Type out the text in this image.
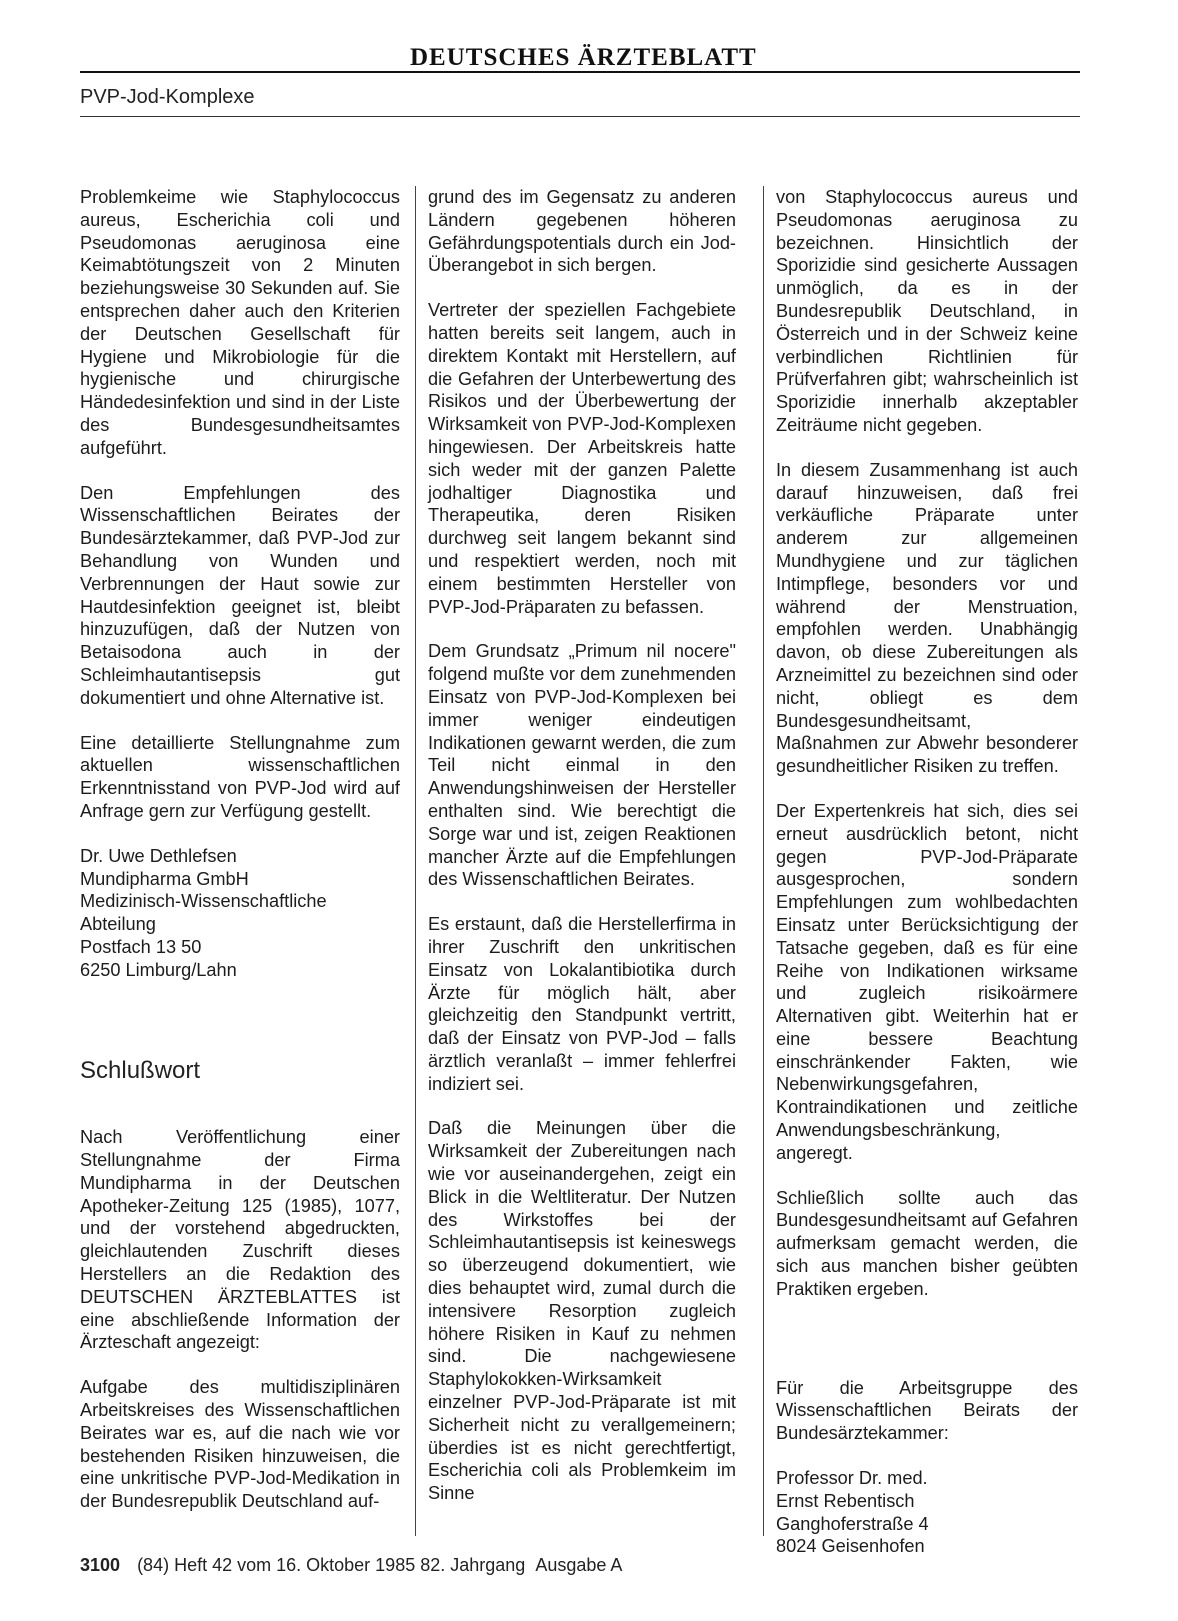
DEUTSCHES ÄRZTEBLATT
PVP-Jod-Komplexe

Problemkeime wie Staphylococcus aureus, Escherichia coli und Pseudomonas aeruginosa eine Keimabtötungszeit von 2 Minuten beziehungsweise 30 Sekunden auf. Sie entsprechen daher auch den Kriterien der Deutschen Gesellschaft für Hygiene und Mikrobiologie für die hygienische und chirurgische Händedesinfektion und sind in der Liste des Bundesgesundheitsamtes aufgeführt.

Den Empfehlungen des Wissenschaftlichen Beirates der Bundesärztekammer, daß PVP-Jod zur Behandlung von Wunden und Verbrennungen der Haut sowie zur Hautdesinfektion geeignet ist, bleibt hinzuzufügen, daß der Nutzen von Betaisodona auch in der Schleimhautantisepsis gut dokumentiert und ohne Alternative ist.

Eine detaillierte Stellungnahme zum aktuellen wissenschaftlichen Erkenntnisstand von PVP-Jod wird auf Anfrage gern zur Verfügung gestellt.

Dr. Uwe Dethlefsen
Mundipharma GmbH
Medizinisch-Wissenschaftliche
Abteilung
Postfach 13 50
6250 Limburg/Lahn
Schlußwort

Nach Veröffentlichung einer Stellungnahme der Firma Mundipharma in der Deutschen Apotheker-Zeitung 125 (1985), 1077, und der vorstehend abgedruckten, gleichlautenden Zuschrift dieses Herstellers an die Redaktion des DEUTSCHEN ÄRZTEBLATTES ist eine abschließende Information der Ärzteschaft angezeigt:

Aufgabe des multidisziplinären Arbeitskreises des Wissenschaftlichen Beirates war es, auf die nach wie vor bestehenden Risiken hinzuweisen, die eine unkritische PVP-Jod-Medikation in der Bundesrepublik Deutschland auf-

grund des im Gegensatz zu anderen Ländern gegebenen höheren Gefährdungspotentials durch ein Jod-Überangebot in sich bergen.

Vertreter der speziellen Fachgebiete hatten bereits seit langem, auch in direktem Kontakt mit Herstellern, auf die Gefahren der Unterbewertung des Risikos und der Überbewertung der Wirksamkeit von PVP-Jod-Komplexen hingewiesen. Der Arbeitskreis hatte sich weder mit der ganzen Palette jodhaltiger Diagnostika und Therapeutika, deren Risiken durchweg seit langem bekannt sind und respektiert werden, noch mit einem bestimmten Hersteller von PVP-Jod-Präparaten zu befassen.

Dem Grundsatz „Primum nil nocere" folgend mußte vor dem zunehmenden Einsatz von PVP-Jod-Komplexen bei immer weniger eindeutigen Indikationen gewarnt werden, die zum Teil nicht einmal in den Anwendungshinweisen der Hersteller enthalten sind. Wie berechtigt die Sorge war und ist, zeigen Reaktionen mancher Ärzte auf die Empfehlungen des Wissenschaftlichen Beirates.

Es erstaunt, daß die Herstellerfirma in ihrer Zuschrift den unkritischen Einsatz von Lokalantibiotika durch Ärzte für möglich hält, aber gleichzeitig den Standpunkt vertritt, daß der Einsatz von PVP-Jod – falls ärztlich veranlaßt – immer fehlerfrei indiziert sei.

Daß die Meinungen über die Wirksamkeit der Zubereitungen nach wie vor auseinandergehen, zeigt ein Blick in die Weltliteratur. Der Nutzen des Wirkstoffes bei der Schleimhautantisepsis ist keineswegs so überzeugend dokumentiert, wie dies behauptet wird, zumal durch die intensivere Resorption zugleich höhere Risiken in Kauf zu nehmen sind. Die nachgewiesene Staphylokokken-Wirksamkeit einzelner PVP-Jod-Präparate ist mit Sicherheit nicht zu verallgemeinern; überdies ist es nicht gerechtfertigt, Escherichia coli als Problemkeim im Sinne

von Staphylococcus aureus und Pseudomonas aeruginosa zu bezeichnen. Hinsichtlich der Sporizidie sind gesicherte Aussagen unmöglich, da es in der Bundesrepublik Deutschland, in Österreich und in der Schweiz keine verbindlichen Richtlinien für Prüfverfahren gibt; wahrscheinlich ist Sporizidie innerhalb akzeptabler Zeiträume nicht gegeben.

In diesem Zusammenhang ist auch darauf hinzuweisen, daß frei verkäufliche Präparate unter anderem zur allgemeinen Mundhygiene und zur täglichen Intimpflege, besonders vor und während der Menstruation, empfohlen werden. Unabhängig davon, ob diese Zubereitungen als Arzneimittel zu bezeichnen sind oder nicht, obliegt es dem Bundesgesundheitsamt, Maßnahmen zur Abwehr besonderer gesundheitlicher Risiken zu treffen.

Der Expertenkreis hat sich, dies sei erneut ausdrücklich betont, nicht gegen PVP-Jod-Präparate ausgesprochen, sondern Empfehlungen zum wohlbedachten Einsatz unter Berücksichtigung der Tatsache gegeben, daß es für eine Reihe von Indikationen wirksame und zugleich risikoärmere Alternativen gibt. Weiterhin hat er eine bessere Beachtung einschränkender Fakten, wie Nebenwirkungsgefahren, Kontraindikationen und zeitliche Anwendungsbeschränkung, angeregt.

Schließlich sollte auch das Bundesgesundheitsamt auf Gefahren aufmerksam gemacht werden, die sich aus manchen bisher geübten Praktiken ergeben.

Für die Arbeitsgruppe des Wissenschaftlichen Beirats der Bundesärztekammer:

Professor Dr. med.
Ernst Rebentisch
Ganghoferstraße 4
8024 Geisenhofen
3100 (84) Heft 42 vom 16. Oktober 1985 82. Jahrgang Ausgabe A
